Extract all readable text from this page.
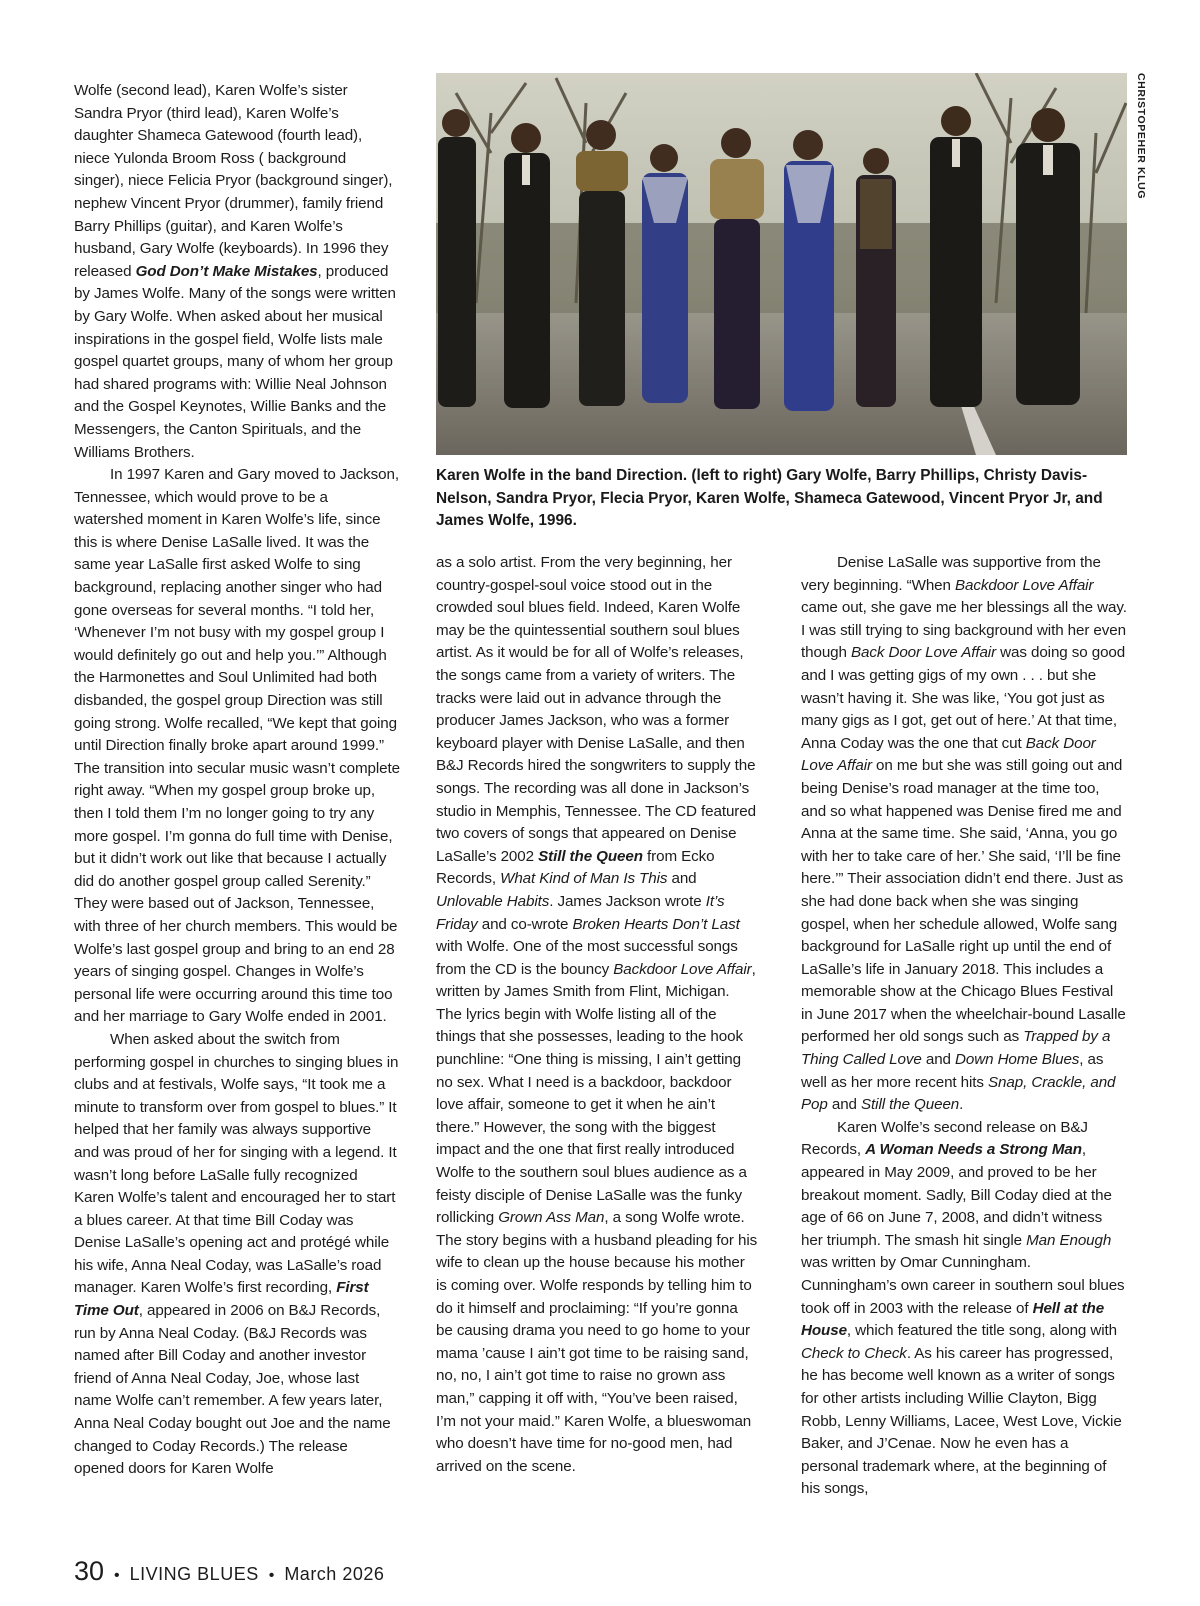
Wolfe (second lead), Karen Wolfe’s sister Sandra Pryor (third lead), Karen Wolfe’s daughter Shameca Gatewood (fourth lead), niece Yulonda Broom Ross ( background singer), niece Felicia Pryor (background singer), nephew Vincent Pryor (drummer), family friend Barry Phillips (guitar), and Karen Wolfe’s husband, Gary Wolfe (keyboards). In 1996 they released God Don’t Make Mistakes, produced by James Wolfe. Many of the songs were written by Gary Wolfe. When asked about her musical inspirations in the gospel field, Wolfe lists male gospel quartet groups, many of whom her group had shared programs with: Willie Neal Johnson and the Gospel Keynotes, Willie Banks and the Messengers, the Canton Spirituals, and the Williams Brothers.

In 1997 Karen and Gary moved to Jackson, Tennessee, which would prove to be a watershed moment in Karen Wolfe’s life, since this is where Denise LaSalle lived. It was the same year LaSalle first asked Wolfe to sing background, replacing another singer who had gone overseas for several months. “I told her, ‘Whenever I’m not busy with my gospel group I would definitely go out and help you.’” Although the Harmonettes and Soul Unlimited had both disbanded, the gospel group Direction was still going strong. Wolfe recalled, “We kept that going until Direction finally broke apart around 1999.” The transition into secular music wasn’t complete right away. “When my gospel group broke up, then I told them I’m no longer going to try any more gospel. I’m gonna do full time with Denise, but it didn’t work out like that because I actually did do another gospel group called Serenity.” They were based out of Jackson, Tennessee, with three of her church members. This would be Wolfe’s last gospel group and bring to an end 28 years of singing gospel. Changes in Wolfe’s personal life were occurring around this time too and her marriage to Gary Wolfe ended in 2001.

When asked about the switch from performing gospel in churches to singing blues in clubs and at festivals, Wolfe says, “It took me a minute to transform over from gospel to blues.” It helped that her family was always supportive and was proud of her for singing with a legend. It wasn’t long before LaSalle fully recognized Karen Wolfe’s talent and encouraged her to start a blues career. At that time Bill Coday was Denise LaSalle’s opening act and protégé while his wife, Anna Neal Coday, was LaSalle’s road manager. Karen Wolfe’s first recording, First Time Out, appeared in 2006 on B&J Records, run by Anna Neal Coday. (B&J Records was named after Bill Coday and another investor friend of Anna Neal Coday, Joe, whose last name Wolfe can’t remember. A few years later, Anna Neal Coday bought out Joe and the name changed to Coday Records.) The release opened doors for Karen Wolfe

CHRISTOPEHER KLUG
Karen Wolfe in the band Direction. (left to right) Gary Wolfe, Barry Phillips, Christy Davis-Nelson, Sandra Pryor, Flecia Pryor, Karen Wolfe, Shameca Gatewood, Vincent Pryor Jr, and James Wolfe, 1996.

as a solo artist. From the very beginning, her country-gospel-soul voice stood out in the crowded soul blues field. Indeed, Karen Wolfe may be the quintessential southern soul blues artist. As it would be for all of Wolfe’s releases, the songs came from a variety of writers. The tracks were laid out in advance through the producer James Jackson, who was a former keyboard player with Denise LaSalle, and then B&J Records hired the songwriters to supply the songs. The recording was all done in Jackson’s studio in Memphis, Tennessee. The CD featured two covers of songs that appeared on Denise LaSalle’s 2002 Still the Queen from Ecko Records, What Kind of Man Is This and Unlovable Habits. James Jackson wrote It’s Friday and co-wrote Broken Hearts Don’t Last with Wolfe. One of the most successful songs from the CD is the bouncy Backdoor Love Affair, written by James Smith from Flint, Michigan. The lyrics begin with Wolfe listing all of the things that she possesses, leading to the hook punchline: “One thing is missing, I ain’t getting no sex. What I need is a backdoor, backdoor love affair, someone to get it when he ain’t there.” However, the song with the biggest impact and the one that first really introduced Wolfe to the southern soul blues audience as a feisty disciple of Denise LaSalle was the funky rollicking Grown Ass Man, a song Wolfe wrote. The story begins with a husband pleading for his wife to clean up the house because his mother is coming over. Wolfe responds by telling him to do it himself and proclaiming: “If you’re gonna be causing drama you need to go home to your mama ’cause I ain’t got time to be raising sand, no, no, I ain’t got time to raise no grown ass man,” capping it off with, “You’ve been raised, I’m not your maid.” Karen Wolfe, a blueswoman who doesn’t have time for no-good men, had arrived on the scene.

Denise LaSalle was supportive from the very beginning. “When Backdoor Love Affair came out, she gave me her blessings all the way. I was still trying to sing background with her even though Back Door Love Affair was doing so good and I was getting gigs of my own . . . but she wasn’t having it. She was like, ‘You got just as many gigs as I got, get out of here.’ At that time, Anna Coday was the one that cut Back Door Love Affair on me but she was still going out and being Denise’s road manager at the time too, and so what happened was Denise fired me and Anna at the same time. She said, ‘Anna, you go with her to take care of her.’ She said, ‘I’ll be fine here.’” Their association didn’t end there. Just as she had done back when she was singing gospel, when her schedule allowed, Wolfe sang background for LaSalle right up until the end of LaSalle’s life in January 2018. This includes a memorable show at the Chicago Blues Festival in June 2017 when the wheelchair-bound Lasalle performed her old songs such as Trapped by a Thing Called Love and Down Home Blues, as well as her more recent hits Snap, Crackle, and Pop and Still the Queen.

Karen Wolfe’s second release on B&J Records, A Woman Needs a Strong Man, appeared in May 2009, and proved to be her breakout moment. Sadly, Bill Coday died at the age of 66 on June 7, 2008, and didn’t witness her triumph. The smash hit single Man Enough was written by Omar Cunningham. Cunningham’s own career in southern soul blues took off in 2003 with the release of Hell at the House, which featured the title song, along with Check to Check. As his career has progressed, he has become well known as a writer of songs for other artists including Willie Clayton, Bigg Robb, Lenny Williams, Lacee, West Love, Vickie Baker, and J’Cenae. Now he even has a personal trademark where, at the beginning of his songs,

30 • LIVING BLUES • March 2026
